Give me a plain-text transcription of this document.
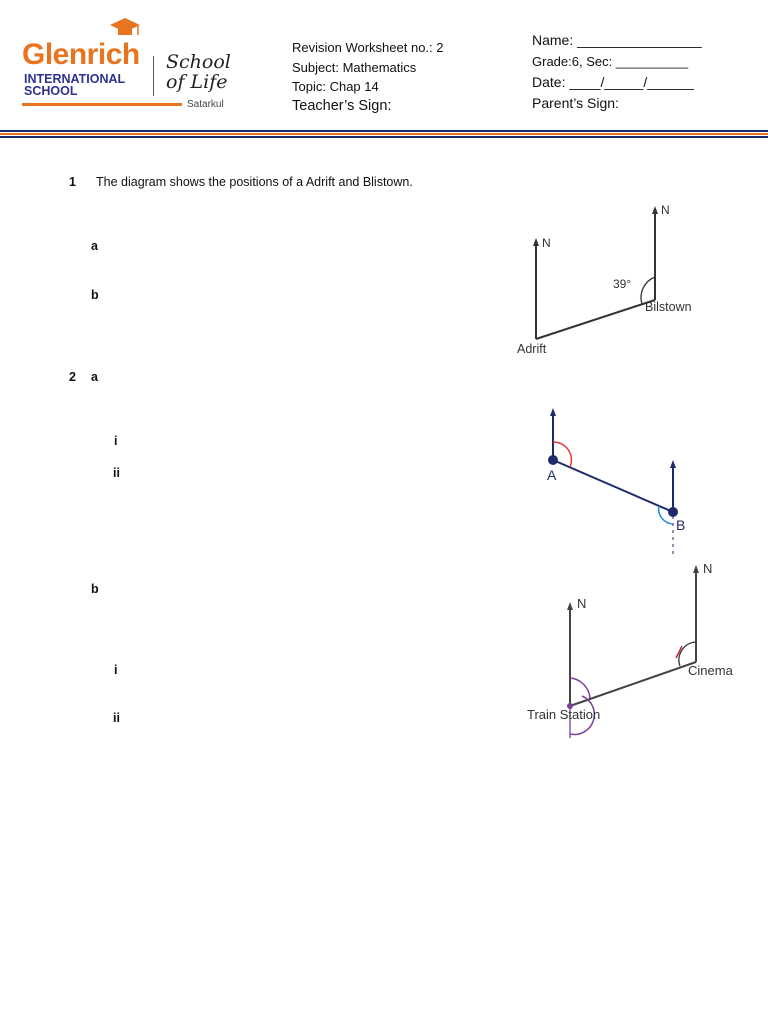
Glenrich
INTERNATIONAL
SCHOOL
School
of Life
Satarkul
Revision Worksheet no.: 2
Subject: Mathematics
Topic: Chap 14
Teacher’s Sign:
Name: ________________
Grade:6, Sec: __________
Date: ____/_____/______
Parent’s Sign:
1 The diagram shows the positions of a Adrift and Blistown.
a
b
N
N
39°
Bilstown
Adrift
2 a
i
ii	A
B
b
i
ii
N
N
Cinema
Train Station
